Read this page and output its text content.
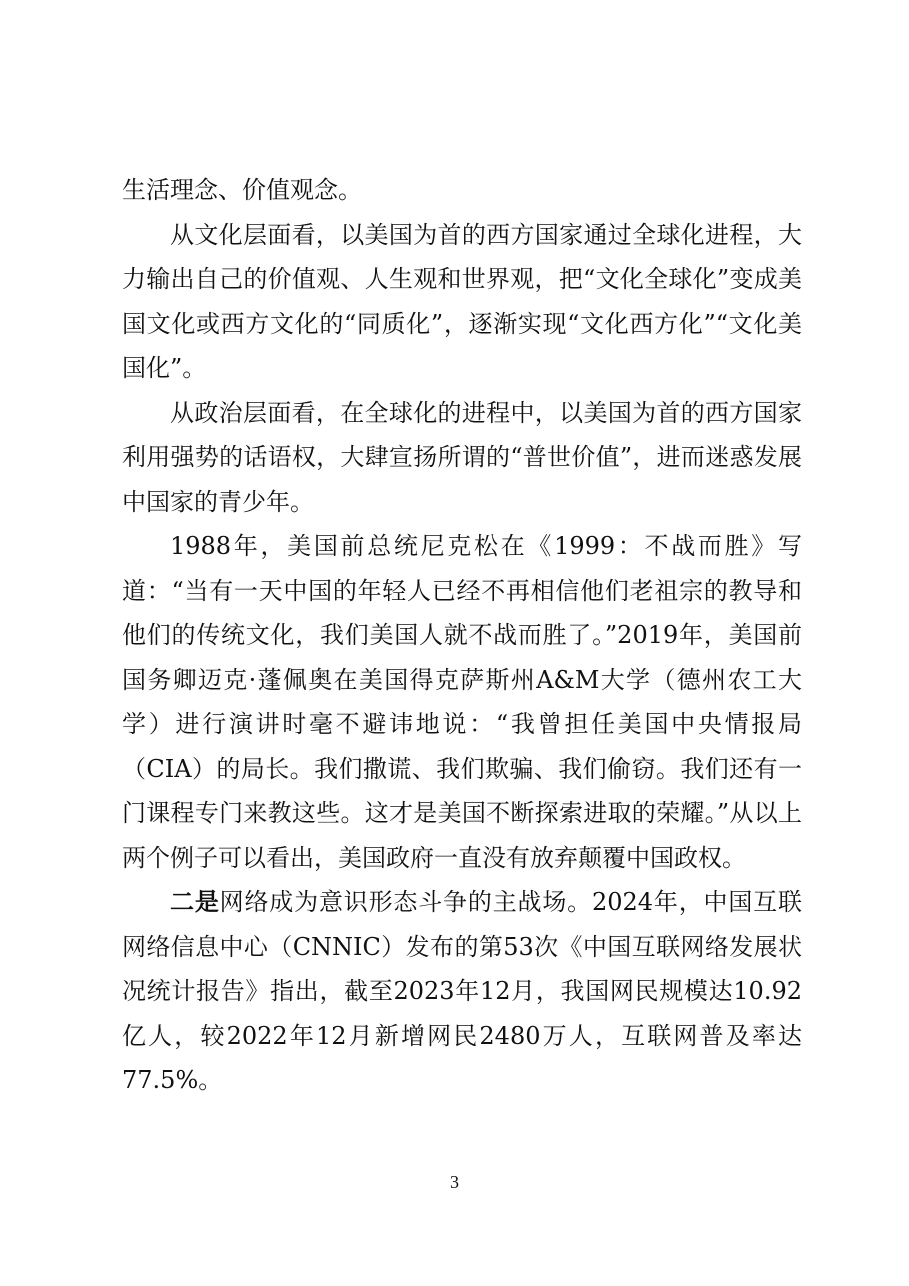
生活理念、价值观念。

从文化层面看，以美国为首的西方国家通过全球化进程，大力输出自己的价值观、人生观和世界观，把“文化全球化”变成美国文化或西方文化的“同质化”，逐渐实现“文化西方化”“文化美国化”。

从政治层面看，在全球化的进程中，以美国为首的西方国家利用强势的话语权，大肆宣扬所谓的“普世价值”，进而迷惑发展中国家的青少年。

1988年，美国前总统尼克松在《1999：不战而胜》写道：“当有一天中国的年轻人已经不再相信他们老祖宗的教导和他们的传统文化，我们美国人就不战而胜了。”2019年，美国前国务卿迈克·蓬佩奥在美国得克萨斯州A&M大学（德州农工大学）进行演讲时毫不避讳地说：“我曾担任美国中央情报局（CIA）的局长。我们撒谎、我们欺骗、我们偷窃。我们还有一门课程专门来教这些。这才是美国不断探索进取的荣耀。”从以上两个例子可以看出，美国政府一直没有放弃颠覆中国政权。

二是网络成为意识形态斗争的主战场。2024年，中国互联网络信息中心（CNNIC）发布的第53次《中国互联网络发展状况统计报告》指出，截至2023年12月，我国网民规模达10.92亿人，较2022年12月新增网民2480万人，互联网普及率达77.5%。

3
